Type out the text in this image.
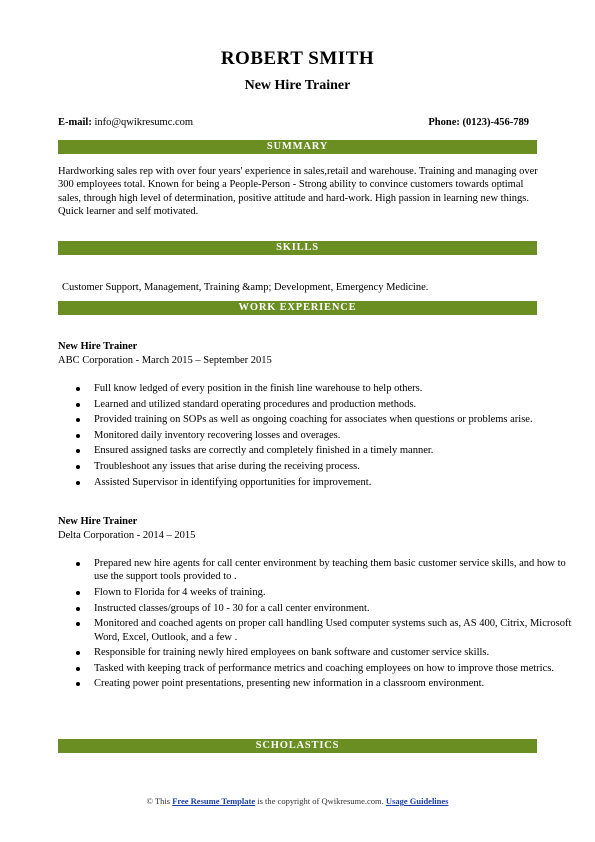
ROBERT SMITH
New Hire Trainer
E-mail: info@qwikresumc.com	Phone: (0123)-456-789
SUMMARY
Hardworking sales rep with over four years' experience in sales,retail and warehouse. Training and managing over 300 employees total. Known for being a People-Person - Strong ability to convince customers towards optimal sales, through high level of determination, positive attitude and hard-work. High passion in learning new things. Quick learner and self motivated.
SKILLS
Customer Support, Management, Training &amp; Development, Emergency Medicine.
WORK EXPERIENCE
New Hire Trainer
ABC Corporation - March 2015 – September 2015
Full know ledged of every position in the finish line warehouse to help others.
Learned and utilized standard operating procedures and production methods.
Provided training on SOPs as well as ongoing coaching for associates when questions or problems arise.
Monitored daily inventory recovering losses and overages.
Ensured assigned tasks are correctly and completely finished in a timely manner.
Troubleshoot any issues that arise during the receiving process.
Assisted Supervisor in identifying opportunities for improvement.
New Hire Trainer
Delta Corporation - 2014 – 2015
Prepared new hire agents for call center environment by teaching them basic customer service skills, and how to use the support tools provided to .
Flown to Florida for 4 weeks of training.
Instructed classes/groups of 10 - 30 for a call center environment.
Monitored and coached agents on proper call handling Used computer systems such as, AS 400, Citrix, Microsoft Word, Excel, Outlook, and a few .
Responsible for training newly hired employees on bank software and customer service skills.
Tasked with keeping track of performance metrics and coaching employees on how to improve those metrics.
Creating power point presentations, presenting new information in a classroom environment.
SCHOLASTICS
© This Free Resume Template is the copyright of Qwikresume.com. Usage Guidelines
